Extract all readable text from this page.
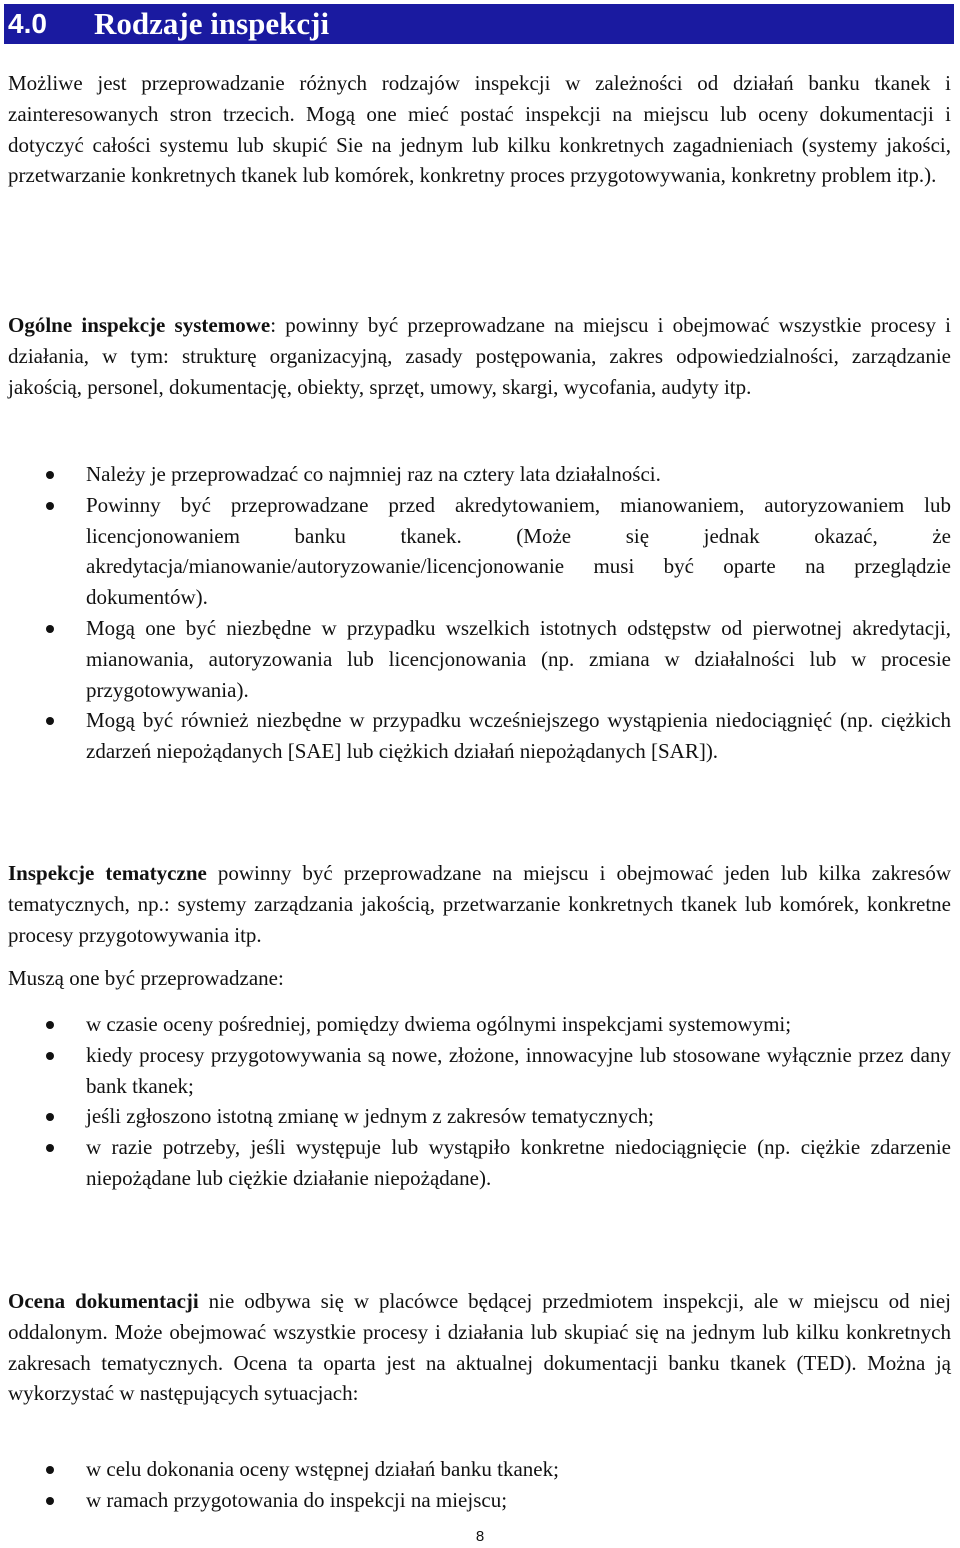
4.0	Rodzaje inspekcji

Możliwe jest przeprowadzanie różnych rodzajów inspekcji w zależności od działań banku tkanek i zainteresowanych stron trzecich. Mogą one mieć postać inspekcji na miejscu lub oceny dokumentacji i dotyczyć całości systemu lub skupić Sie na jednym lub kilku konkretnych zagadnieniach (systemy jakości, przetwarzanie konkretnych tkanek lub komórek, konkretny proces przygotowywania, konkretny problem itp.).

Ogólne inspekcje systemowe: powinny być przeprowadzane na miejscu i obejmować wszystkie procesy i działania, w tym: strukturę organizacyjną, zasady postępowania, zakres odpowiedzialności, zarządzanie jakością, personel, dokumentację, obiekty, sprzęt, umowy, skargi, wycofania, audyty itp.

Należy je przeprowadzać co najmniej raz na cztery lata działalności.
Powinny być przeprowadzane przed akredytowaniem, mianowaniem, autoryzowaniem lub licencjonowaniem banku tkanek. (Może się jednak okazać, że akredytacja/mianowanie/autoryzowanie/licencjonowanie musi być oparte na przeglądzie dokumentów).
Mogą one być niezbędne w przypadku wszelkich istotnych odstępstw od pierwotnej akredytacji, mianowania, autoryzowania lub licencjonowania (np. zmiana w działalności lub w procesie przygotowywania).
Mogą być również niezbędne w przypadku wcześniejszego wystąpienia niedociągnięć (np. ciężkich zdarzeń niepożądanych [SAE] lub ciężkich działań niepożądanych [SAR]).

Inspekcje tematyczne powinny być przeprowadzane na miejscu i obejmować jeden lub kilka zakresów tematycznych, np.: systemy zarządzania jakością, przetwarzanie konkretnych tkanek lub komórek, konkretne procesy przygotowywania itp.

Muszą one być przeprowadzane:

w czasie oceny pośredniej, pomiędzy dwiema ogólnymi inspekcjami systemowymi;
kiedy procesy przygotowywania są nowe, złożone, innowacyjne lub stosowane wyłącznie przez dany bank tkanek;
jeśli zgłoszono istotną zmianę w jednym z zakresów tematycznych;
w razie potrzeby, jeśli występuje lub wystąpiło konkretne niedociągnięcie (np. ciężkie zdarzenie niepożądane lub ciężkie działanie niepożądane).

Ocena dokumentacji nie odbywa się w placówce będącej przedmiotem inspekcji, ale w miejscu od niej oddalonym. Może obejmować wszystkie procesy i działania lub skupiać się na jednym lub kilku konkretnych zakresach tematycznych. Ocena ta oparta jest na aktualnej dokumentacji banku tkanek (TED). Można ją wykorzystać w następujących sytuacjach:

w celu dokonania oceny wstępnej działań banku tkanek;
w ramach przygotowania do inspekcji na miejscu;
8
